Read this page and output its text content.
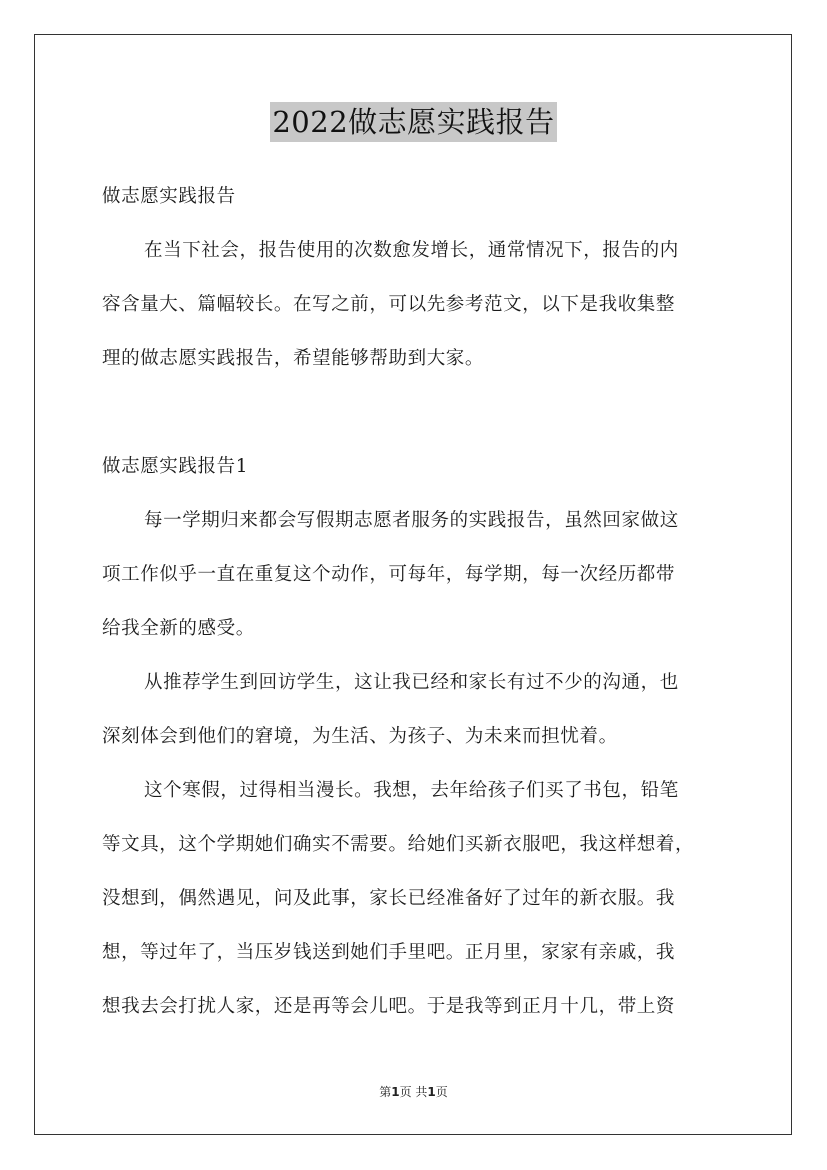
2022做志愿实践报告
做志愿实践报告
在当下社会，报告使用的次数愈发增长，通常情况下，报告的内
容含量大、篇幅较长。在写之前，可以先参考范文，以下是我收集整
理的做志愿实践报告，希望能够帮助到大家。
做志愿实践报告1
每一学期归来都会写假期志愿者服务的实践报告，虽然回家做这
项工作似乎一直在重复这个动作，可每年，每学期，每一次经历都带
给我全新的感受。
从推荐学生到回访学生，这让我已经和家长有过不少的沟通，也
深刻体会到他们的窘境，为生活、为孩子、为未来而担忧着。
这个寒假，过得相当漫长。我想，去年给孩子们买了书包，铅笔
等文具，这个学期她们确实不需要。给她们买新衣服吧，我这样想着，
没想到，偶然遇见，问及此事，家长已经准备好了过年的新衣服。我
想，等过年了，当压岁钱送到她们手里吧。正月里，家家有亲戚，我
想我去会打扰人家，还是再等会儿吧。于是我等到正月十几，带上资
第1页 共1页
